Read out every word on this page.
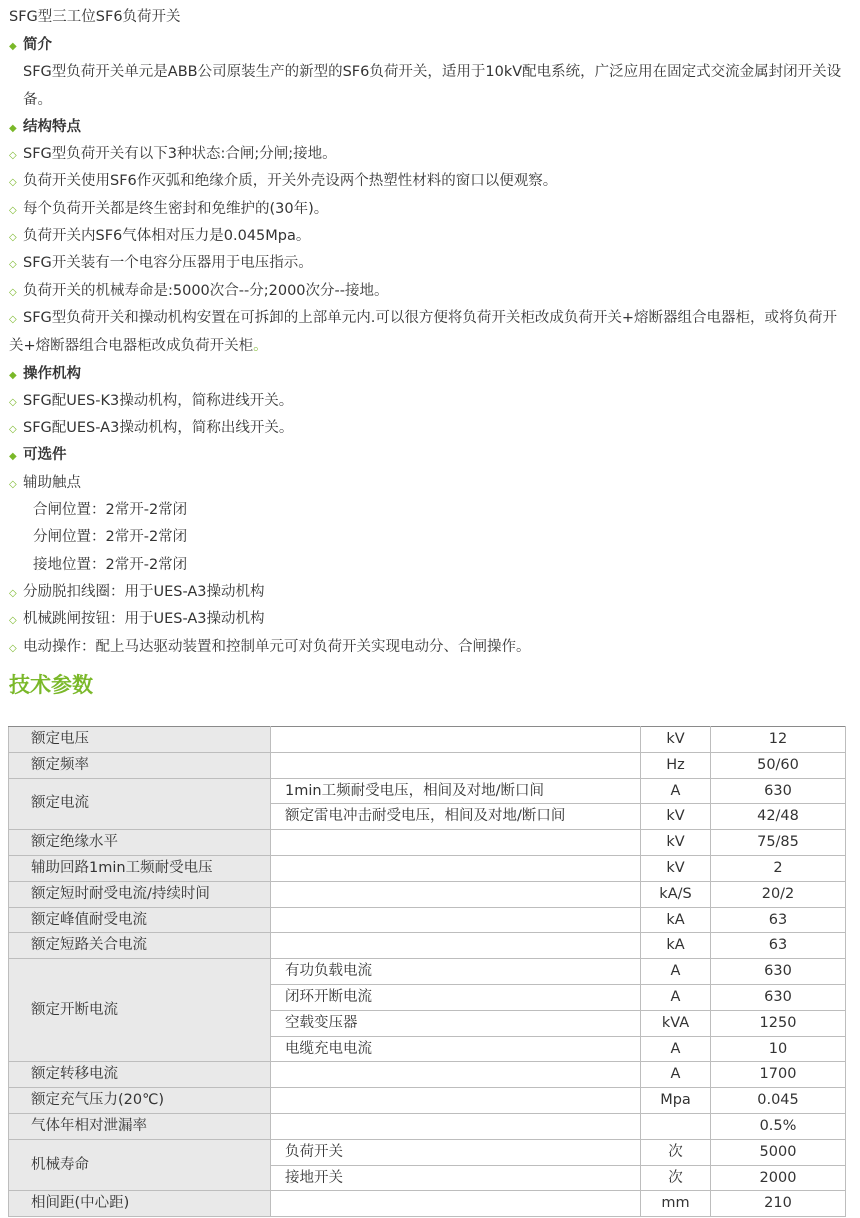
SFG型三工位SF6负荷开关
◆ 简介
SFG型负荷开关单元是ABB公司原装生产的新型的SF6负荷开关，适用于10kV配电系统，广泛应用在固定式交流金属封闭开关设备。
◆ 结构特点
◇ SFG型负荷开关有以下3种状态:合闸;分闸;接地。
◇ 负荷开关使用SF6作灭弧和绝缘介质，开关外壳设两个热塑性材料的窗口以便观察。
◇ 每个负荷开关都是终生密封和免维护的(30年)。
◇ 负荷开关内SF6气体相对压力是0.045Mpa。
◇ SFG开关装有一个电容分压器用于电压指示。
◇ 负荷开关的机械寿命是:5000次合--分;2000次分--接地。
◇ SFG型负荷开关和操动机构安置在可拆卸的上部单元内.可以很方便将负荷开关柜改成负荷开关+熔断器组合电器柜，或将负荷开关+熔断器组合电器柜改成负荷开关柜。
◆ 操作机构
◇ SFG配UES-K3操动机构，简称进线开关。
◇ SFG配UES-A3操动机构，简称出线开关。
◆ 可选件
◇ 辅助触点
合闸位置：2常开-2常闭
分闸位置：2常开-2常闭
接地位置：2常开-2常闭
◇ 分励脱扣线圈：用于UES-A3操动机构
◇ 机械跳闸按钮：用于UES-A3操动机构
◇ 电动操作：配上马达驱动装置和控制单元可对负荷开关实现电动分、合闸操作。
技术参数
额定电压		kV	12
额定频率		Hz	50/60
额定电流	1min工频耐受电压，相间及对地/断口间	A	630
	额定雷电冲击耐受电压，相间及对地/断口间	kV	42/48
额定绝缘水平		kV	75/85
辅助回路1min工频耐受电压		kV	2
额定短时耐受电流/持续时间		kA/S	20/2
额定峰值耐受电流		kA	63
额定短路关合电流		kA	63
额定开断电流	有功负载电流	A	630
	闭环开断电流	A	630
	空载变压器	kVA	1250
	电缆充电电流	A	10
额定转移电流		A	1700
额定充气压力(20℃)		Mpa	0.045
气体年相对泄漏率			0.5%
机械寿命	负荷开关	次	5000
	接地开关	次	2000
相间距(中心距)		mm	210
